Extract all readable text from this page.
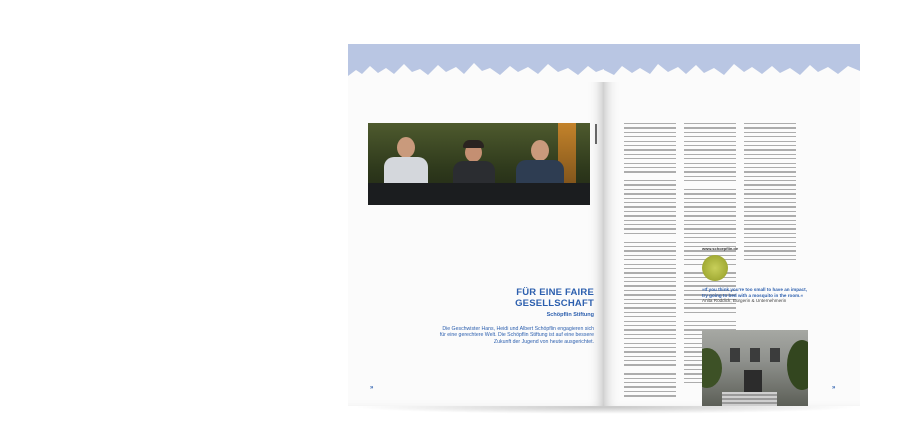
FÜR EINE FAIRE
GESELLSCHAFT
Schöpflin Stiftung
Die Geschwister Hans, Heidi und Albert Schöpflin engagieren sich für eine gerechtere Welt. Die Schöpflin Stiftung ist auf eine bessere Zukunft der Jugend von heute ausgerichtet.
»	»
www.schoepflin.de
»If you think you’re too small to have an impact, try going to bed with a mosquito in the room.« Anita Roddick, Bürgerin & Unternehmerin
